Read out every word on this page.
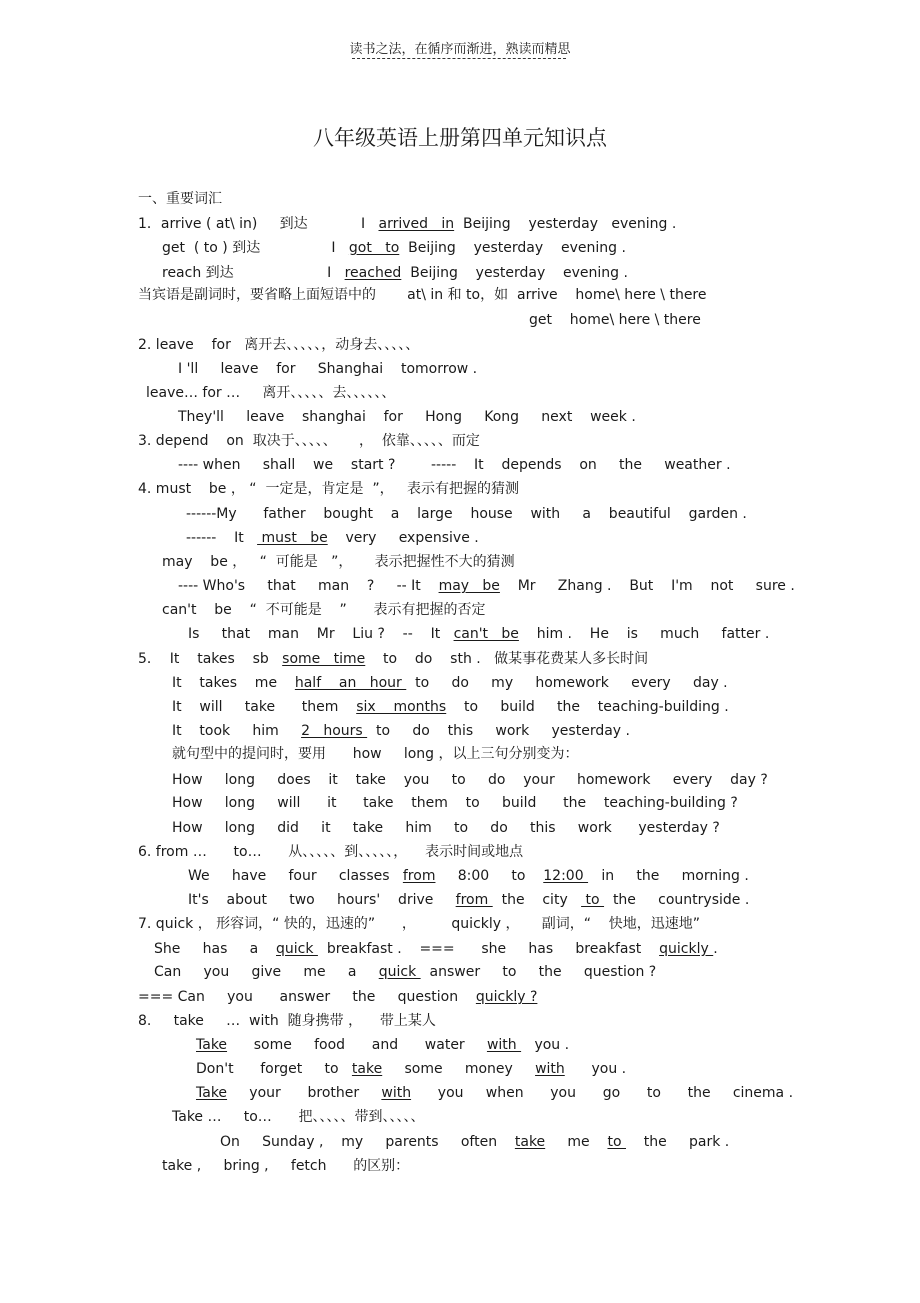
读书之法，在循序而渐进，熟读而精思
八年级英语上册第四单元知识点
一、重要词汇
1．arrive ( at\ in)     到达            I   arrived   in  Beijing    yesterday   evening .
get  ( to ) 到达                I   got   to  Beijing    yesterday    evening .
reach 到达                     I   reached  Beijing    yesterday    evening .
当宾语是副词时，要省略上面短语中的       at\ in 和 to，如  arrive    home\ here \ there
get    home\ here \ there
2. leave    for   离开去、、、、、，动身去、、、、、
I 'll     leave    for     Shanghai    tomorrow .
leave… for …     离开、、、、、去、、、、、、
They'll     leave    shanghai    for     Hong     Kong     next    week .
3. depend    on  取决于、、、、、     ，  依靠、、、、、而定
---- when     shall    we    start ?        -----    It    depends    on     the     weather .
4. must    be ， “  一定是，肯定是  ”，   表示有把握的猜测
------My      father    bought    a    large    house    with     a    beautiful    garden .
------    It    must   be    very     expensive .
may    be ，   “  可能是   ”，     表示把握性不大的猜测
---- Who's     that     man    ?     -- It    may   be    Mr     Zhang .    But    I'm    not     sure .
can't    be    “  不可能是    ”      表示有把握的否定
Is     that    man    Mr    Liu ?    --    It   can't   be    him .    He    is     much     fatter .
5．  It    takes    sb   some   time    to    do    sth .   做某事花费某人多长时间
It    takes    me    half    an   hour   to     do     my     homework     every     day .
It    will     take      them    six    months    to     build     the    teaching-building .
It    took     him     2   hours   to     do    this     work     yesterday .
就句型中的提问时，要用      how     long ，以上三句分别变为：
How     long     does    it    take    you     to     do    your     homework     every    day ?
How     long     will      it      take    them    to     build      the    teaching-building ?
How     long     did     it     take     him     to     do     this     work      yesterday ?
6. from …      to…      从、、、、、到、、、、、，    表示时间或地点
We     have     four     classes   from     8:00     to    12:00    in     the     morning .
It's    about     two     hours'    drive     from   the    city    to   the     countryside .
7. quick ， 形容词，“ 快的，迅速的”      ，        quickly ，     副词，“    快地，迅速地”
She     has     a    quick   breakfast .    ===      she     has     breakfast    quickly .
Can     you     give     me     a     quick   answer     to     the     question ?
=== Can     you      answer     the     question    quickly ?
8.     take     …  with  随身携带 ，    带上某人
Take      some     food      and      water     with    you .
Don't      forget     to   take     some     money     with      you .
Take     your      brother     with      you     when      you      go      to      the     cinema .
Take …     to…      把、、、、、带到、、、、、
On     Sunday ,    my     parents     often    take     me    to     the     park .
take ,     bring ,     fetch      的区别：
